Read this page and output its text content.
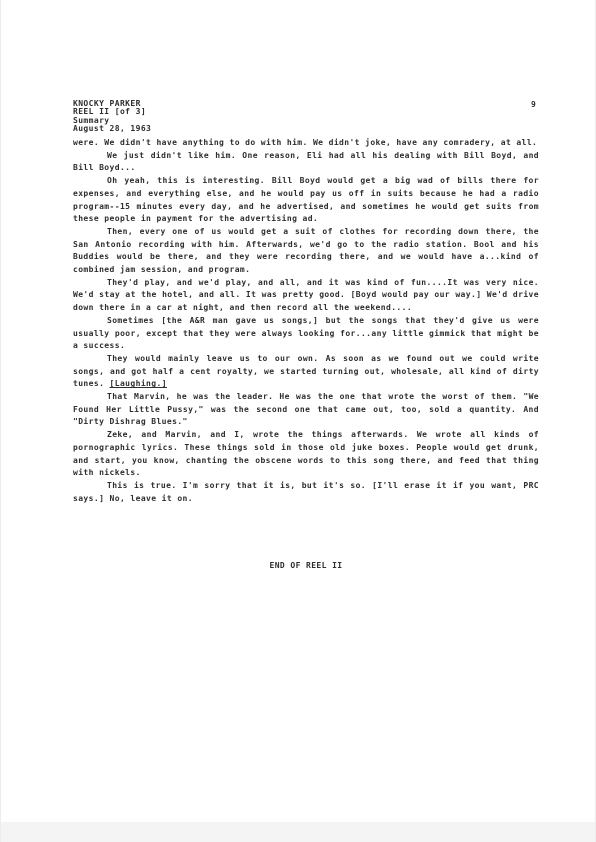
KNOCKY PARKER
REEL II [of 3]
Summary
August 28, 1963
9

were. We didn't have anything to do with him. We didn't joke, have any comradery, at all.

We just didn't like him. One reason, Eli had all his dealing with Bill Boyd, and Bill Boyd...

Oh yeah, this is interesting. Bill Boyd would get a big wad of bills there for expenses, and everything else, and he would pay us off in suits because he had a radio program--15 minutes every day, and he advertised, and sometimes he would get suits from these people in payment for the advertising ad.

Then, every one of us would get a suit of clothes for recording down there, the San Antonio recording with him. Afterwards, we'd go to the radio station. Bool and his Buddies would be there, and they were recording there, and we would have a...kind of combined jam session, and program.

They'd play, and we'd play, and all, and it was kind of fun....It was very nice. We'd stay at the hotel, and all. It was pretty good. [Boyd would pay our way.] We'd drive down there in a car at night, and then record all the weekend....

Sometimes [the A&R man gave us songs,] but the songs that they'd give us were usually poor, except that they were always looking for...any little gimmick that might be a success.

They would mainly leave us to our own. As soon as we found out we could write songs, and got half a cent royalty, we started turning out, wholesale, all kind of dirty tunes. [Laughing.]

That Marvin, he was the leader. He was the one that wrote the worst of them. "We Found Her Little Pussy," was the second one that came out, too, sold a quantity. And "Dirty Dishrag Blues."

Zeke, and Marvin, and I, wrote the things afterwards. We wrote all kinds of pornographic lyrics. These things sold in those old juke boxes. People would get drunk, and start, you know, chanting the obscene words to this song there, and feed that thing with nickels.

This is true. I'm sorry that it is, but it's so. [I'll erase it if you want, PRC says.] No, leave it on.

END OF REEL II
